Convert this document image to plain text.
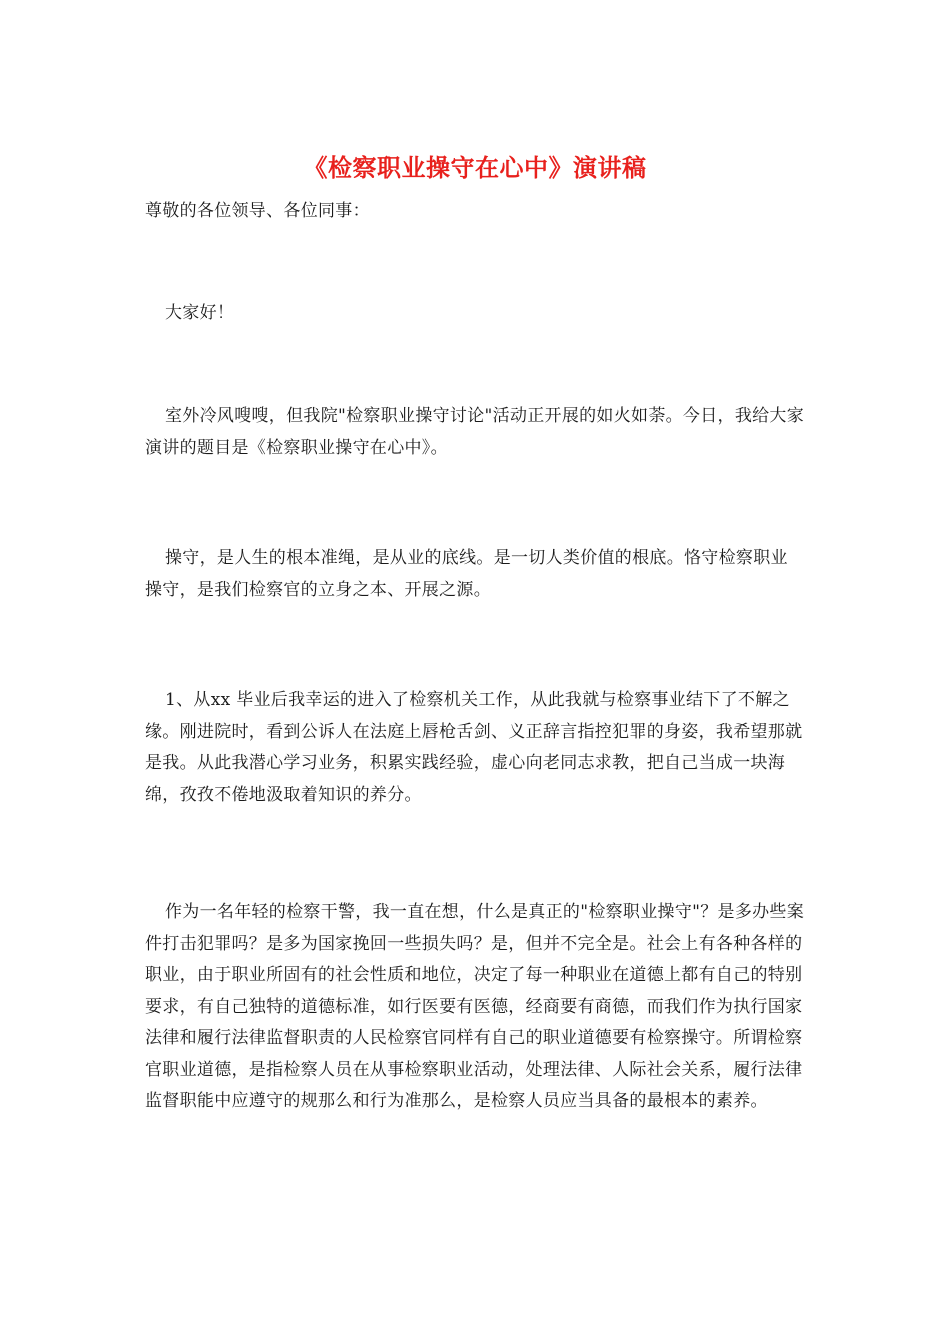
《检察职业操守在心中》演讲稿

尊敬的各位领导、各位同事：

大家好！

室外冷风嗖嗖，但我院"检察职业操守讨论"活动正开展的如火如荼。今日，我给大家演讲的题目是《检察职业操守在心中》。

操守，是人生的根本准绳，是从业的底线。是一切人类价值的根底。恪守检察职业操守，是我们检察官的立身之本、开展之源。

1、从xx 毕业后我幸运的进入了检察机关工作，从此我就与检察事业结下了不解之缘。刚进院时，看到公诉人在法庭上唇枪舌剑、义正辞言指控犯罪的身姿，我希望那就是我。从此我潜心学习业务，积累实践经验，虚心向老同志求教，把自己当成一块海绵，孜孜不倦地汲取着知识的养分。

作为一名年轻的检察干警，我一直在想，什么是真正的"检察职业操守"？是多办些案件打击犯罪吗？是多为国家挽回一些损失吗？是，但并不完全是。社会上有各种各样的职业，由于职业所固有的社会性质和地位，决定了每一种职业在道德上都有自己的特别要求，有自己独特的道德标准，如行医要有医德，经商要有商德，而我们作为执行国家法律和履行法律监督职责的人民检察官同样有自己的职业道德要有检察操守。所谓检察官职业道德，是指检察人员在从事检察职业活动，处理法律、人际社会关系，履行法律监督职能中应遵守的规那么和行为准那么，是检察人员应当具备的最根本的素养。
